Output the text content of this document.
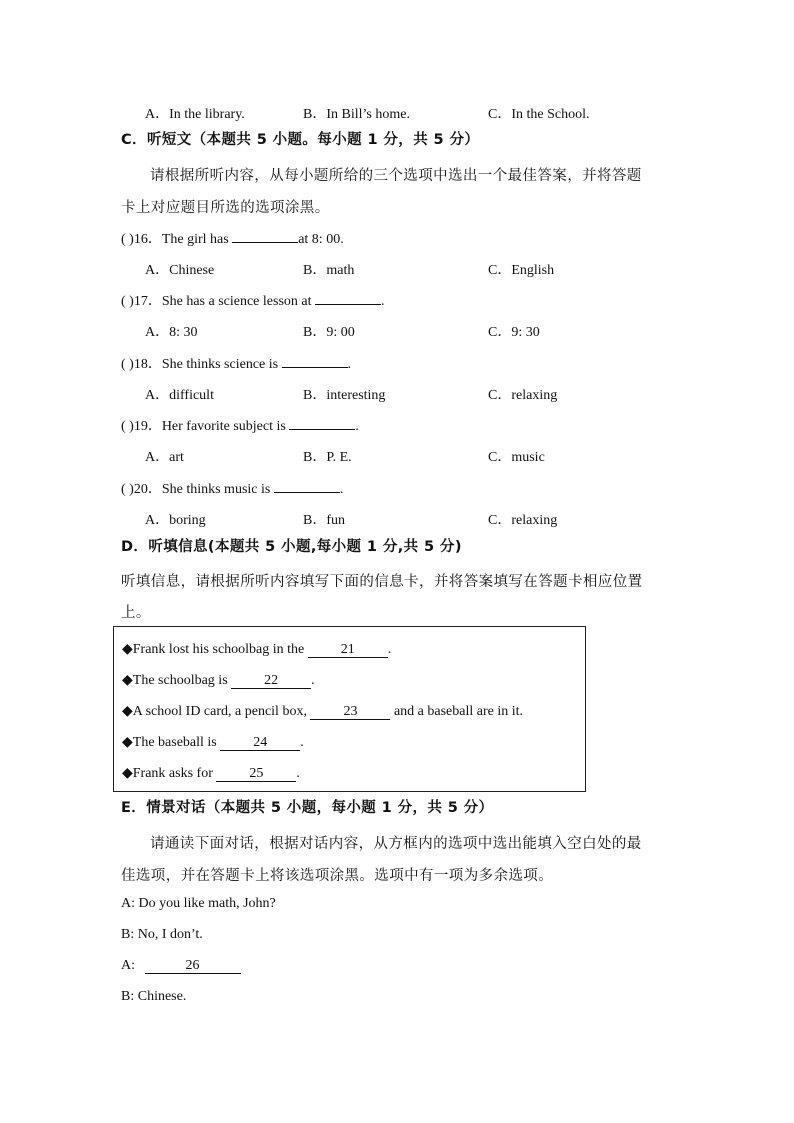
A．In the library.	B．In Bill’s home.	C．In the School.
C．听短文（本题共 5 小题。每小题 1 分，共 5 分）
请根据所听内容，从每小题所给的三个选项中选出一个最佳答案，并将答题
卡上对应题目所选的选项涂黑。
( )16．The girl has	at 8: 00.
A．Chinese	B．math	C．English
( )17．She has a science lesson at	.
A．8: 30	B．9: 00	C．9: 30
( )18．She thinks science is	.
A．difficult	B．interesting	C．relaxing
( )19．Her favorite subject is	.
A．art	B．P. E.	C．music
( )20．She thinks music is	.
A．boring	B．fun	C．relaxing
D．听填信息(本题共 5 小题,每小题 1 分,共 5 分)
听填信息，请根据所听内容填写下面的信息卡，并将答案填写在答题卡相应位置
上。
◆Frank lost his schoolbag in the	21 .
◆The schoolbag is	22 .
◆A school ID card, a pencil box,	23	and a baseball are in it.
◆The baseball is	24 .
◆Frank asks for	25 .
E．情景对话（本题共 5 小题，每小题 1 分，共 5 分）
请通读下面对话，根据对话内容，从方框内的选项中选出能填入空白处的最
佳选项，并在答题卡上将该选项涂黑。选项中有一项为多余选项。
A: Do you like math, John?
B: No, I don’t.
A:	26
B: Chinese.
